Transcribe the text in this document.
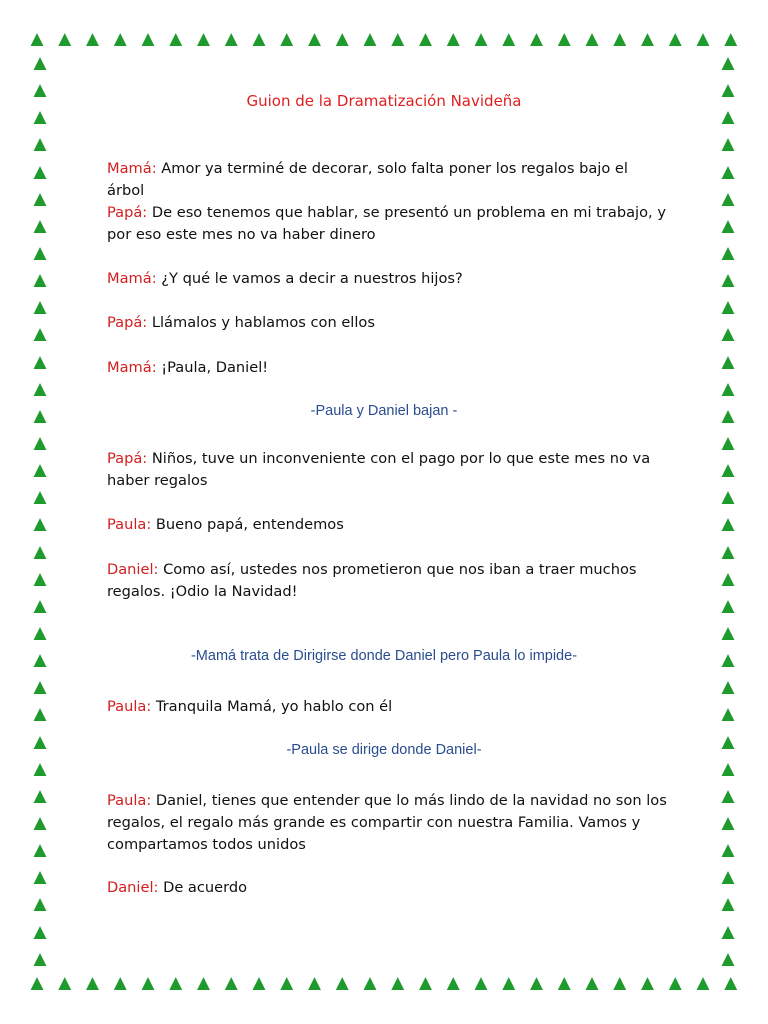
▲ ▲ ▲ ▲ ▲ ▲ ▲ ▲ ▲ ▲ ▲ ▲ ▲ ▲ ▲ ▲ ▲ ▲ ▲ ▲ ▲ ▲ ▲ ▲ ▲ ▲
▲ ▲ ▲ ▲ ▲ ▲ ▲ ▲ ▲ ▲ ▲ ▲ ▲ ▲ ▲ ▲ ▲ ▲ ▲ ▲ ▲ ▲ ▲ ▲ ▲ ▲
▲
▲
▲
▲
▲
▲
▲
▲
▲
▲
▲
▲
▲
▲
▲
▲
▲
▲
▲
▲
▲
▲
▲
▲
▲
▲
▲
▲
▲
▲
▲
▲
▲
▲
▲
▲
▲
▲
▲
▲
▲
▲
▲
▲
▲
▲
▲
▲
▲
▲
▲
▲
▲
▲
▲
▲
▲
▲
▲
▲
▲
▲
▲
▲
▲
▲
▲
▲
Guion de la Dramatización Navideña
Mamá: Amor ya terminé de decorar, solo falta poner los regalos bajo el árbol
Papá: De eso tenemos que hablar, se presentó un problema en mi trabajo, y por eso este mes no va haber dinero
Mamá: ¿Y qué le vamos a decir a nuestros hijos?
Papá: Llámalos y hablamos con ellos
Mamá: ¡Paula, Daniel!
-Paula y Daniel bajan -
Papá: Niños, tuve un inconveniente con el pago por lo que este mes no va haber regalos
Paula: Bueno papá, entendemos
Daniel: Como así, ustedes nos prometieron que nos iban a traer muchos regalos. ¡Odio la Navidad!
-Mamá trata de Dirigirse donde Daniel pero Paula lo impide-
Paula: Tranquila Mamá, yo hablo con él
-Paula se dirige donde Daniel-
Paula: Daniel, tienes que entender que lo más lindo de la navidad no son los regalos, el regalo más grande es compartir con nuestra Familia. Vamos y compartamos todos unidos
Daniel: De acuerdo
